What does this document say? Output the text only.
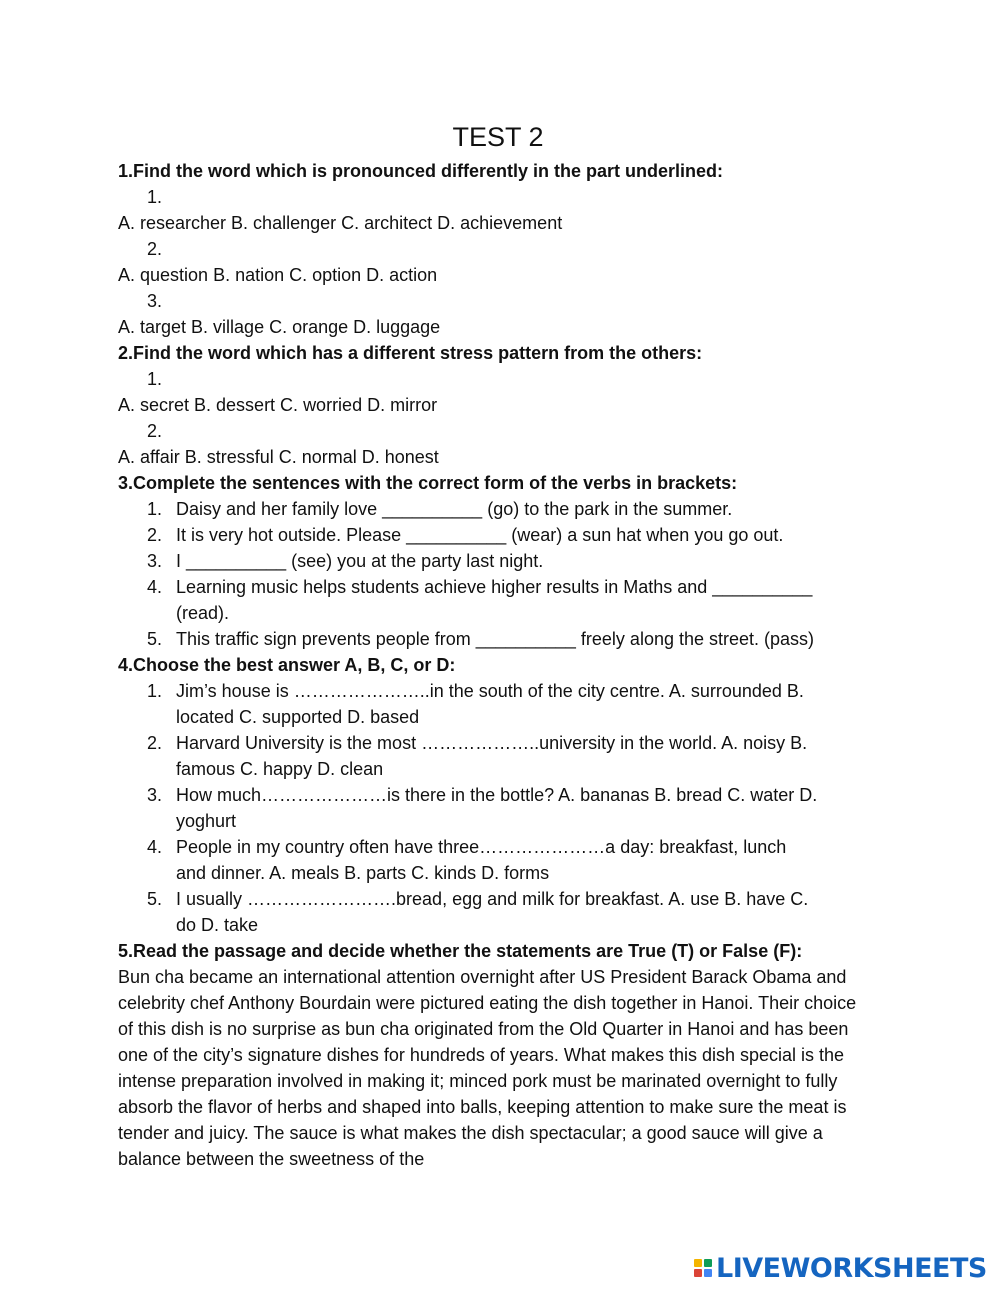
TEST 2
1.Find the word which is pronounced differently in the part underlined:
1.
A. researcher B. challenger C. architect D. achievement
2.
A. question B. nation C. option D. action
3.
A. target B. village C. orange D. luggage
2.Find the word which has a different stress pattern from the others:
1.
A. secret B. dessert C. worried D. mirror
2.
A. affair B. stressful C. normal D. honest
3.Complete the sentences with the correct form of the verbs in brackets:
1. Daisy and her family love __________ (go) to the park in the summer.
2. It is very hot outside. Please __________ (wear) a sun hat when you go out.
3. I __________ (see) you at the party last night.
4. Learning music helps students achieve higher results in Maths and __________ (read).
5. This traffic sign prevents people from __________ freely along the street. (pass)
4.Choose the best answer A, B, C, or D:
1. Jim’s house is …………………..in the south of the city centre. A. surrounded B. located C. supported D. based
2. Harvard University is the most ………………..university in the world. A. noisy B. famous C. happy D. clean
3. How much…………………is there in the bottle? A. bananas B. bread C. water D. yoghurt
4. People in my country often have three…………………a day: breakfast, lunch and dinner. A. meals B. parts C. kinds D. forms
5. I usually …………………….bread, egg and milk for breakfast. A. use B. have C. do D. take
5.Read the passage and decide whether the statements are True (T) or False (F):
Bun cha became an international attention overnight after US President Barack Obama and celebrity chef Anthony Bourdain were pictured eating the dish together in Hanoi. Their choice of this dish is no surprise as bun cha originated from the Old Quarter in Hanoi and has been one of the city’s signature dishes for hundreds of years. What makes this dish special is the intense preparation involved in making it; minced pork must be marinated overnight to fully absorb the flavor of herbs and shaped into balls, keeping attention to make sure the meat is tender and juicy. The sauce is what makes the dish spectacular; a good sauce will give a balance between the sweetness of the
LIVEWORKSHEETS
